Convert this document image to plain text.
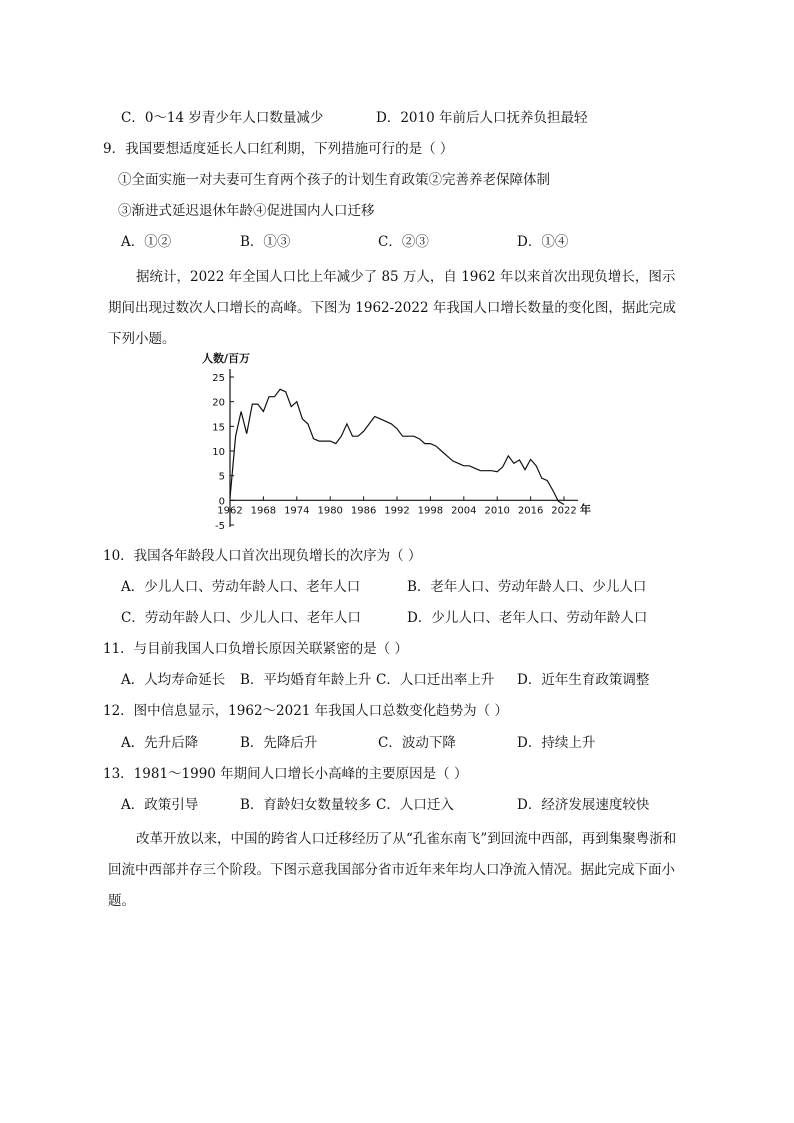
C．0～14 岁青少年人口数量减少	D．2010 年前后人口抚养负担最轻
9．我国要想适度延长人口红利期，下列措施可行的是（ ）
①全面实施一对夫妻可生育两个孩子的计划生育政策②完善养老保障体制
③渐进式延迟退休年龄④促进国内人口迁移
A．①②	B．①③	C．②③	D．①④
据统计，2022 年全国人口比上年减少了 85 万人，自 1962 年以来首次出现负增长，图示期间出现过数次人口增长的高峰。下图为 1962-2022 年我国人口增长数量的变化图，据此完成下列小题。
25
20
15
10
5
0
-5
1962 1968 1974 1980 1986 1992 1998 2004 2010 2016 2022
人数/百万
年
10．我国各年龄段人口首次出现负增长的次序为（ ）
A．少儿人口、劳动年龄人口、老年人口	B．老年人口、劳动年龄人口、少儿人口
C．劳动年龄人口、少儿人口、老年人口	D．少儿人口、老年人口、劳动年龄人口
11．与目前我国人口负增长原因关联紧密的是（ ）
A．人均寿命延长 B．平均婚育年龄上升 C．人口迁出率上升 D．近年生育政策调整
12．图中信息显示，1962～2021 年我国人口总数变化趋势为（ ）
A．先升后降	B．先降后升	C．波动下降	D．持续上升
13．1981～1990 年期间人口增长小高峰的主要原因是（ ）
A．政策引导	B．育龄妇女数量较多 C．人口迁入	D．经济发展速度较快
改革开放以来，中国的跨省人口迁移经历了从“孔雀东南飞”到回流中西部，再到集聚粤浙和回流中西部并存三个阶段。下图示意我国部分省市近年来年均人口净流入情况。据此完成下面小题。
